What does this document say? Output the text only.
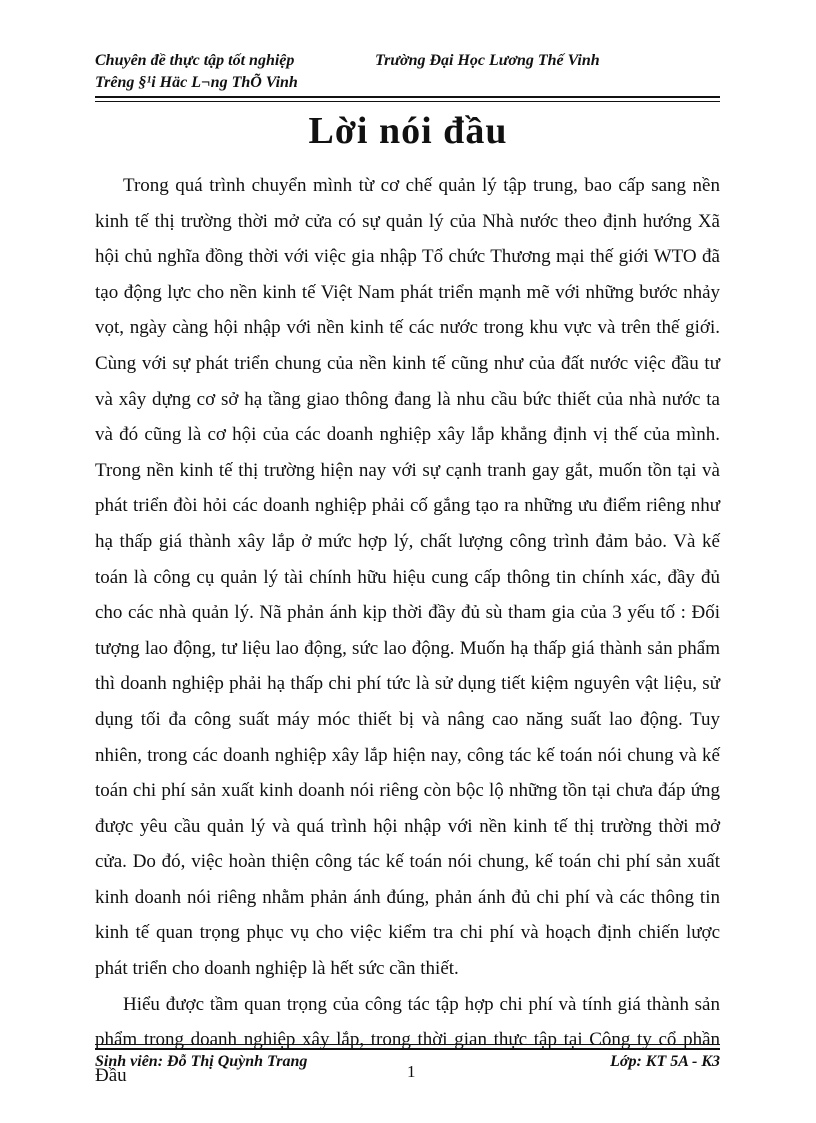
Chuyên đề thực tập tốt nghiệp	Trường Đại Học Lương Thế Vinh
Trêng §¹i Häc L¬ng ThÕ Vinh
Lời nói đầu

Trong quá trình chuyển mình từ cơ chế quản lý tập trung, bao cấp sang nền kinh tế thị trường thời mở cửa có sự quản lý của Nhà nước theo định hướng Xã hội chủ nghĩa đồng thời với việc gia nhập Tổ chức Thương mại thế giới WTO đã tạo động lực cho nền kinh tế Việt Nam phát triển mạnh mẽ với những bước nhảy vọt, ngày càng hội nhập với nền kinh tế các nước trong khu vực và trên thế giới. Cùng với sự phát triển chung của nền kinh tế cũng như của đất nước việc đầu tư và xây dựng cơ sở hạ tầng giao thông đang là nhu cầu bức thiết của nhà nước ta và đó cũng là cơ hội của các doanh nghiệp xây lắp khẳng định vị thế của mình. Trong nền kinh tế thị trường hiện nay với sự cạnh tranh gay gắt, muốn tồn tại và phát triển đòi hỏi các doanh nghiệp phải cố gắng tạo ra những ưu điểm riêng như hạ thấp giá thành xây lắp ở mức hợp lý, chất lượng công trình đảm bảo. Và kế toán là công cụ quản lý tài chính hữu hiệu cung cấp thông tin chính xác, đầy đủ cho các nhà quản lý. Nã phản ánh kịp thời đầy đủ sù tham gia của 3 yếu tố : Đối tượng lao động, tư liệu lao động, sức lao động. Muốn hạ thấp giá thành sản phẩm thì doanh nghiệp phải hạ thấp chi phí tức là sử dụng tiết kiệm nguyên vật liệu, sử dụng tối đa công suất máy móc thiết bị và nâng cao năng suất lao động. Tuy nhiên, trong các doanh nghiệp xây lắp hiện nay, công tác kế toán nói chung và kế toán chi phí sản xuất kinh doanh nói riêng còn bộc lộ những tồn tại chưa đáp ứng được yêu cầu quản lý và quá trình hội nhập với nền kinh tế thị trường thời mở cửa. Do đó, việc hoàn thiện công tác kế toán nói chung, kế toán chi phí sản xuất kinh doanh nói riêng nhằm phản ánh đúng, phản ánh đủ chi phí và các thông tin kinh tế quan trọng phục vụ cho việc kiểm tra chi phí và hoạch định chiến lược phát triển cho doanh nghiệp là hết sức cần thiết.

Hiểu được tầm quan trọng của công tác tập hợp chi phí và tính giá thành sản phẩm trong doanh nghiệp xây lắp, trong thời gian thực tập tại Công ty cổ phần Đầu

Sinh viên: Đỗ Thị Quỳnh Trang
1
Lớp: KT 5A - K3
